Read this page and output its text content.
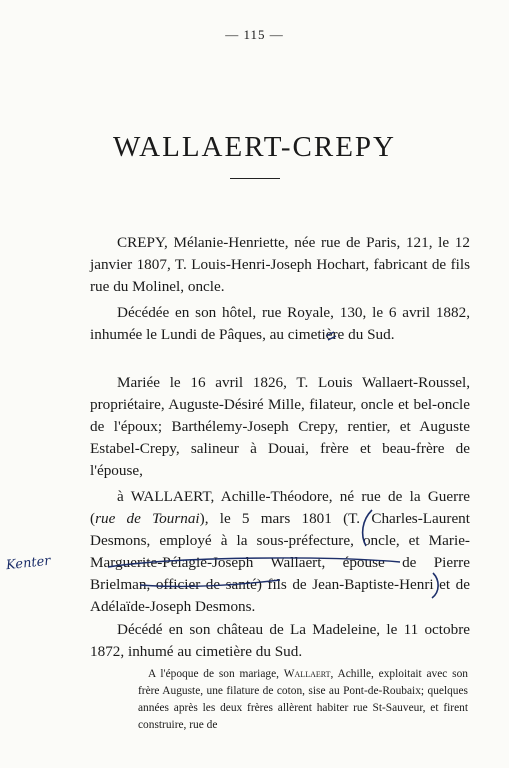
— 115 —
WALLAERT-CREPY

CREPY, Mélanie-Henriette, née rue de Paris, 121, le 12 janvier 1807, T. Louis-Henri-Joseph Hochart, fabricant de fils rue du Molinel, oncle.

Décédée en son hôtel, rue Royale, 130, le 6 avril 1882, inhumée le Lundi de Pâques, au cimetière du Sud.

Mariée le 16 avril 1826, T. Louis Wallaert-Roussel, propriétaire, Auguste-Désiré Mille, filateur, oncle et bel-oncle de l'époux; Barthélemy-Joseph Crepy, rentier, et Auguste Estabel-Crepy, salineur à Douai, frère et beau-frère de l'épouse,

à WALLAERT, Achille-Théodore, né rue de la Guerre (rue de Tournai), le 5 mars 1801 (T. Charles-Laurent Desmons, employé à la sous-préfecture, oncle, et Marie-Marguerite-Pélagie-Joseph Wallaert, épouse de Pierre Brielman, officier de santé) fils de Jean-Baptiste-Henri et de Adélaïde-Joseph Desmons.

Décédé en son château de La Madeleine, le 11 octobre 1872, inhumé au cimetière du Sud.

A l'époque de son mariage, Wallaert, Achille, exploitait avec son frère Auguste, une filature de coton, sise au Pont-de-Roubaix; quelques années après les deux frères allèrent habiter rue St-Sauveur, et firent construire, rue de

Kenter
